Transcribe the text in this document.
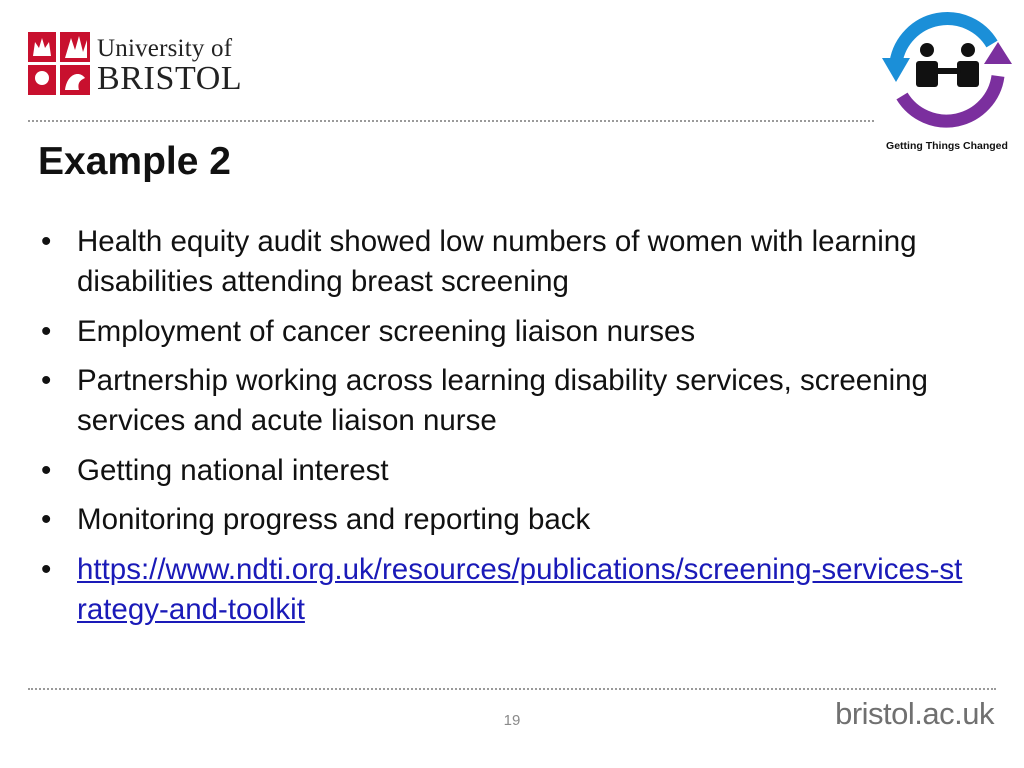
University of
BRISTOL
Getting Things Changed
Example 2
• Health equity audit showed low numbers of women with learning disabilities attending breast screening
• Employment of cancer screening liaison nurses
• Partnership working across learning disability services, screening services and acute liaison nurse
• Getting national interest
• Monitoring progress and reporting back
• https://www.ndti.org.uk/resources/publications/screening-services-strategy-and-toolkit
19	bristol.ac.uk
